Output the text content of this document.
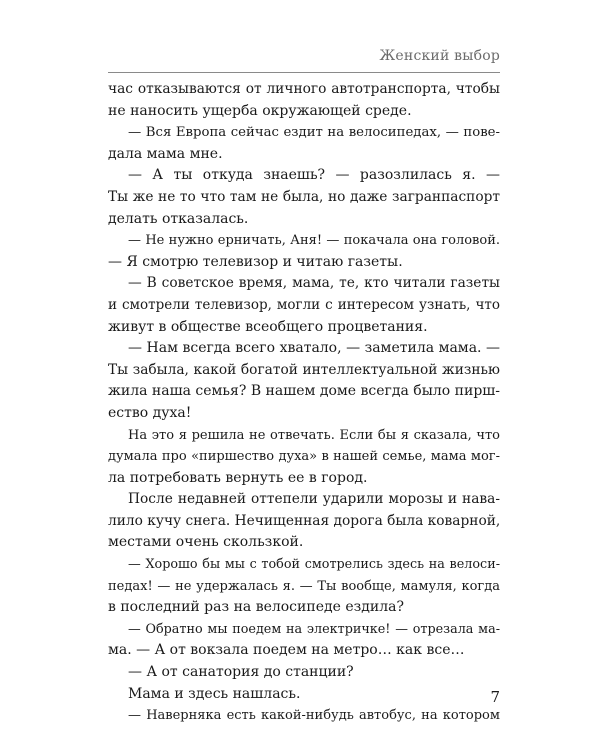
Женский выбор
час отказываются от личного автотранспорта, чтобы
не наносить ущерба окружающей среде.
— Вся Европа сейчас ездит на велосипедах, — пове-
дала мама мне.
— А ты откуда знаешь? — разозлилась я. —
Ты же не то что там не была, но даже загранпаспорт
делать отказалась.
— Не нужно ерничать, Аня! — покачала она головой.
— Я смотрю телевизор и читаю газеты.
— В советское время, мама, те, кто читали газеты
и смотрели телевизор, могли с интересом узнать, что
живут в обществе всеобщего процветания.
— Нам всегда всего хватало, — заметила мама. —
Ты забыла, какой богатой интеллектуальной жизнью
жила наша семья? В нашем доме всегда было пирш-
ество духа!
На это я решила не отвечать. Если бы я сказала, что
думала про «пиршество духа» в нашей семье, мама мог-
ла потребовать вернуть ее в город.
После недавней оттепели ударили морозы и нава-
лило кучу снега. Нечищенная дорога была коварной,
местами очень скользкой.
— Хорошо бы мы с тобой смотрелись здесь на велоси-
педах! — не удержалась я. — Ты вообще, мамуля, когда
в последний раз на велосипеде ездила?
— Обратно мы поедем на электричке! — отрезала ма-
ма. — А от вокзала поедем на метро… как все…
— А от санатория до станции?
Мама и здесь нашлась.
— Наверняка есть какой-нибудь автобус, на котором
7
